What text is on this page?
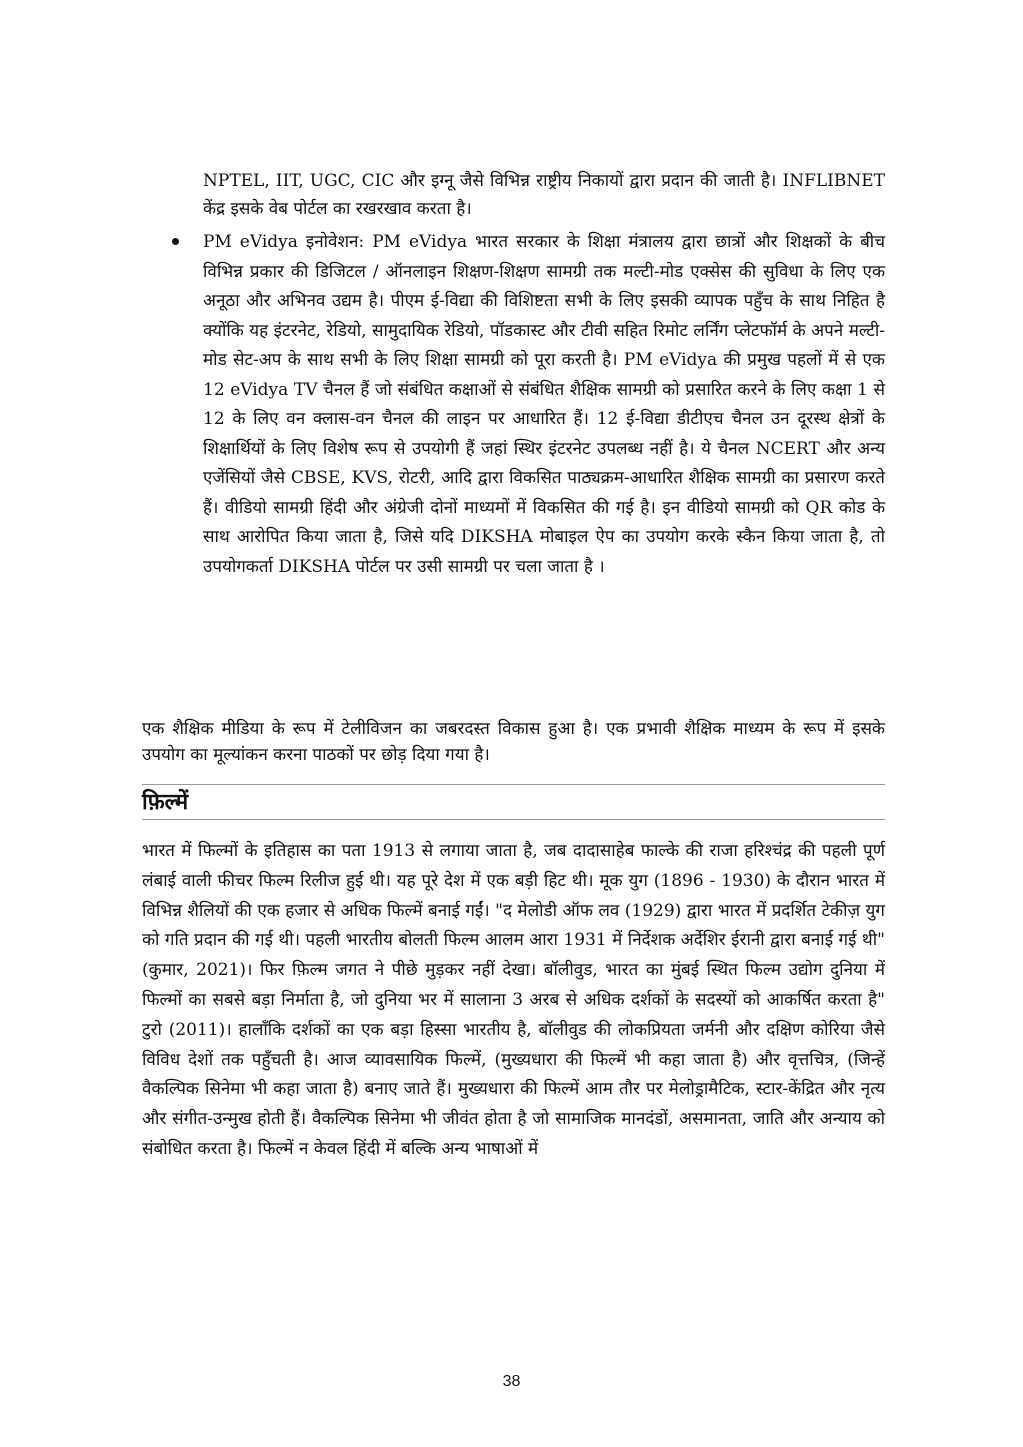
NPTEL, IIT, UGC, CIC और इग्नू जैसे विभिन्न राष्ट्रीय निकायों द्वारा प्रदान की जाती है। INFLIBNET केंद्र इसके वेब पोर्टल का रखरखाव करता है।
PM eVidya इनोवेशन: PM eVidya भारत सरकार के शिक्षा मंत्रालय द्वारा छात्रों और शिक्षकों के बीच विभिन्न प्रकार की डिजिटल / ऑनलाइन शिक्षण-शिक्षण सामग्री तक मल्टी-मोड एक्सेस की सुविधा के लिए एक अनूठा और अभिनव उद्यम है। पीएम ई-विद्या की विशिष्टता सभी के लिए इसकी व्यापक पहुँच के साथ निहित है क्योंकि यह इंटरनेट, रेडियो, सामुदायिक रेडियो, पॉडकास्ट और टीवी सहित रिमोट लर्निंग प्लेटफॉर्म के अपने मल्टी-मोड सेट-अप के साथ सभी के लिए शिक्षा सामग्री को पूरा करती है। PM eVidya की प्रमुख पहलों में से एक 12 eVidya TV चैनल हैं जो संबंधित कक्षाओं से संबंधित शैक्षिक सामग्री को प्रसारित करने के लिए कक्षा 1 से 12 के लिए वन क्लास-वन चैनल की लाइन पर आधारित हैं। 12 ई-विद्या डीटीएच चैनल उन दूरस्थ क्षेत्रों के शिक्षार्थियों के लिए विशेष रूप से उपयोगी हैं जहां स्थिर इंटरनेट उपलब्ध नहीं है। ये चैनल NCERT और अन्य एजेंसियों जैसे CBSE, KVS, रोटरी, आदि द्वारा विकसित पाठ्यक्रम-आधारित शैक्षिक सामग्री का प्रसारण करते हैं। वीडियो सामग्री हिंदी और अंग्रेजी दोनों माध्यमों में विकसित की गई है। इन वीडियो सामग्री को QR कोड के साथ आरोपित किया जाता है, जिसे यदि DIKSHA मोबाइल ऐप का उपयोग करके स्कैन किया जाता है, तो उपयोगकर्ता DIKSHA पोर्टल पर उसी सामग्री पर चला जाता है ।
एक शैक्षिक मीडिया के रूप में टेलीविजन का जबरदस्त विकास हुआ है। एक प्रभावी शैक्षिक माध्यम के रूप में इसके उपयोग का मूल्यांकन करना पाठकों पर छोड़ दिया गया है।
फ़िल्में
भारत में फिल्मों के इतिहास का पता 1913 से लगाया जाता है, जब दादासाहेब फाल्के की राजा हरिश्चंद्र की पहली पूर्ण लंबाई वाली फीचर फिल्म रिलीज हुई थी। यह पूरे देश में एक बड़ी हिट थी। मूक युग (1896 - 1930) के दौरान भारत में विभिन्न शैलियों की एक हजार से अधिक फिल्में बनाई गईं। "द मेलोडी ऑफ लव (1929) द्वारा भारत में प्रदर्शित टेकीज़ युग को गति प्रदान की गई थी। पहली भारतीय बोलती फिल्म आलम आरा 1931 में निर्देशक अर्देशिर ईरानी द्वारा बनाई गई थी" (कुमार, 2021)। फिर फ़िल्म जगत ने पीछे मुड़कर नहीं देखा। बॉलीवुड, भारत का मुंबई स्थित फिल्म उद्योग दुनिया में फिल्मों का सबसे बड़ा निर्माता है, जो दुनिया भर में सालाना 3 अरब से अधिक दर्शकों के सदस्यों को आकर्षित करता है" टुरो (2011)। हालाँकि दर्शकों का एक बड़ा हिस्सा भारतीय है, बॉलीवुड की लोकप्रियता जर्मनी और दक्षिण कोरिया जैसे विविध देशों तक पहुँचती है। आज व्यावसायिक फिल्में, (मुख्यधारा की फिल्में भी कहा जाता है) और वृत्तचित्र, (जिन्हें वैकल्पिक सिनेमा भी कहा जाता है) बनाए जाते हैं। मुख्यधारा की फिल्में आम तौर पर मेलोड्रामैटिक, स्टार-केंद्रित और नृत्य और संगीत-उन्मुख होती हैं। वैकल्पिक सिनेमा भी जीवंत होता है जो सामाजिक मानदंडों, असमानता, जाति और अन्याय को संबोधित करता है। फिल्में न केवल हिंदी में बल्कि अन्य भाषाओं में
38
